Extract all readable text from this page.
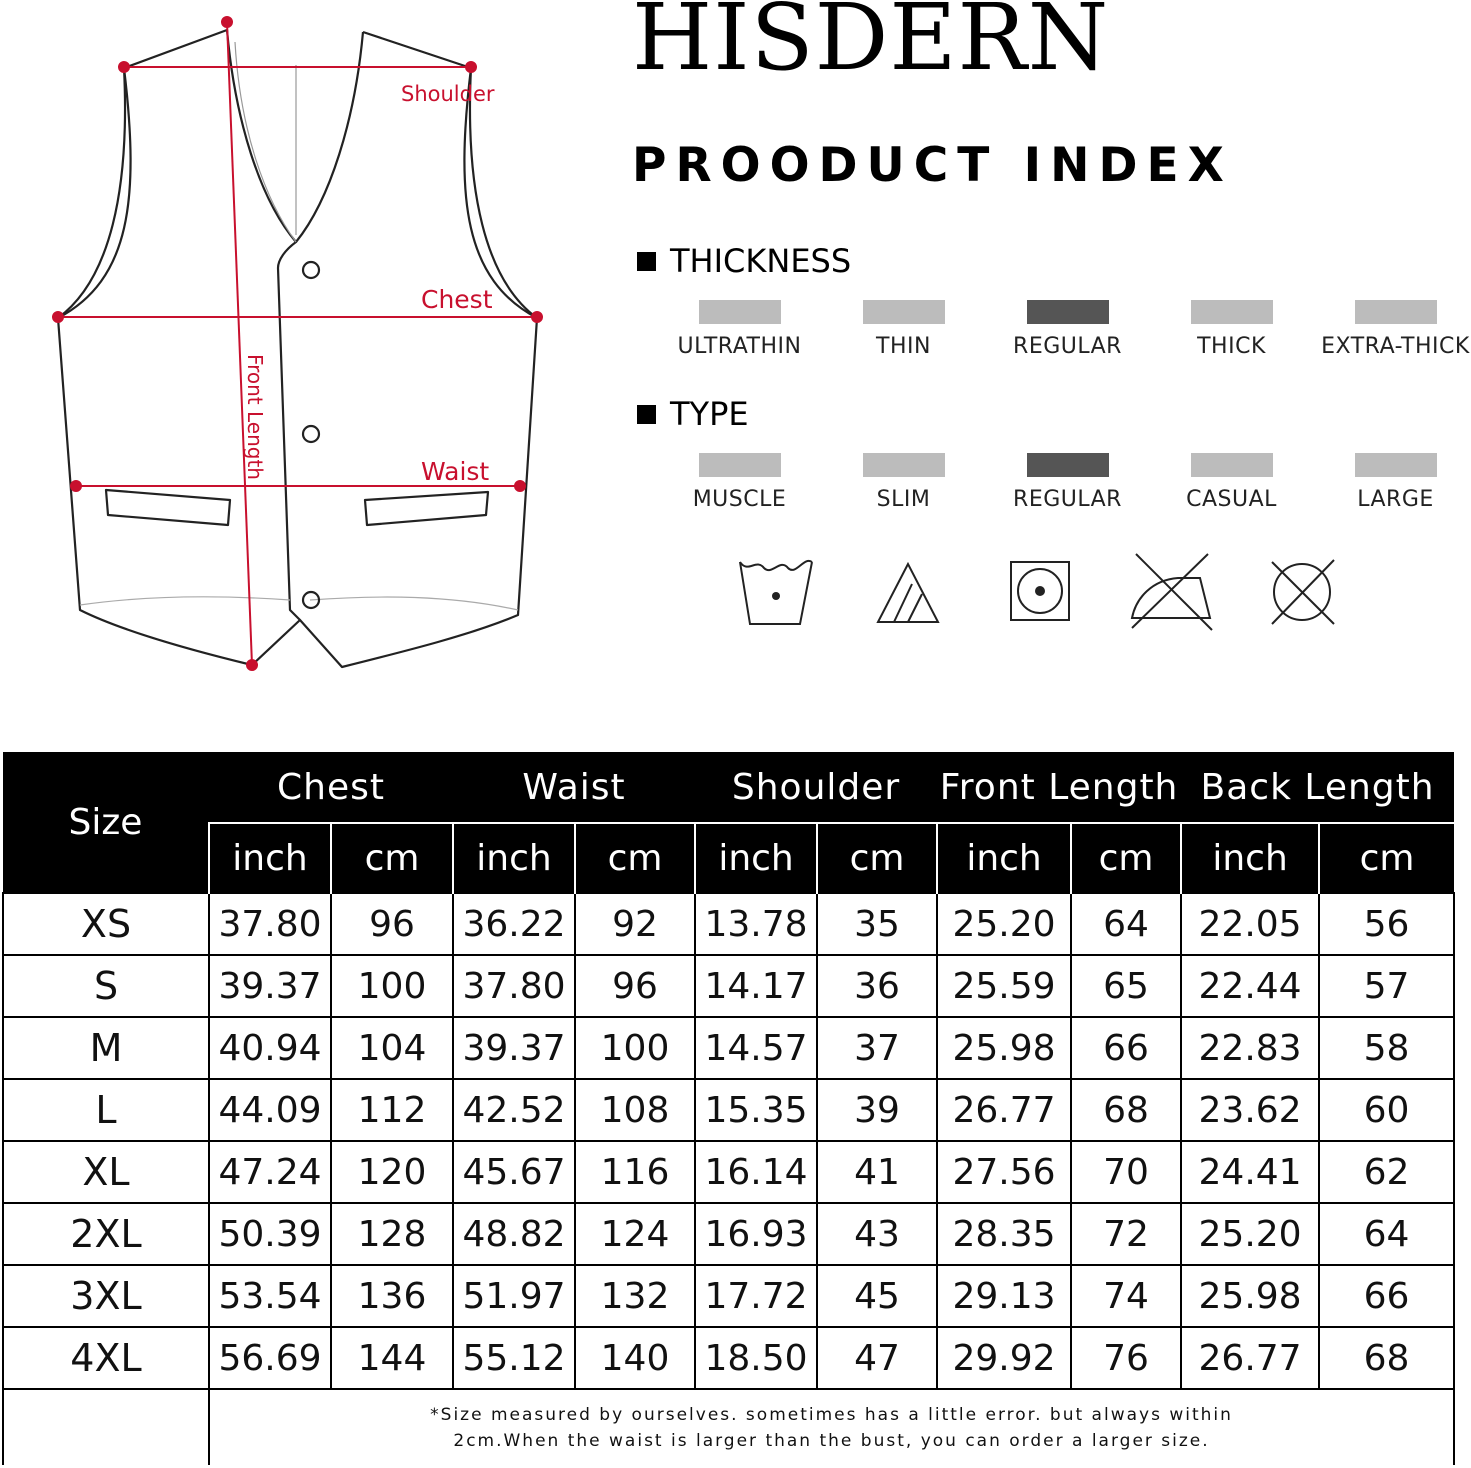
Shoulder
Chest
Waist
Front Length
HISDERN
PROODUCT INDEX
THICKNESS
ULTRATHIN	THIN	REGULAR	THICK	EXTRA-THICK
TYPE
MUSCLE	SLIM	REGULAR	CASUAL	LARGE
Size	Chest		Waist		Shoulder		Front Length		Back Length	
	inch	cm	inch	cm	inch	cm	inch	cm	inch	cm
XS	37.80	96	36.22	92	13.78	35	25.20	64	22.05	56
S	39.37	100	37.80	96	14.17	36	25.59	65	22.44	57
M	40.94	104	39.37	100	14.57	37	25.98	66	22.83	58
L	44.09	112	42.52	108	15.35	39	26.77	68	23.62	60
XL	47.24	120	45.67	116	16.14	41	27.56	70	24.41	62
2XL	50.39	128	48.82	124	16.93	43	28.35	72	25.20	64
3XL	53.54	136	51.97	132	17.72	45	29.13	74	25.98	66
4XL	56.69	144	55.12	140	18.50	47	29.92	76	26.77	68

	*Size measured by ourselves. sometimes has a little error. but always within
2cm.When the waist is larger than the bust, you can order a larger size.									
